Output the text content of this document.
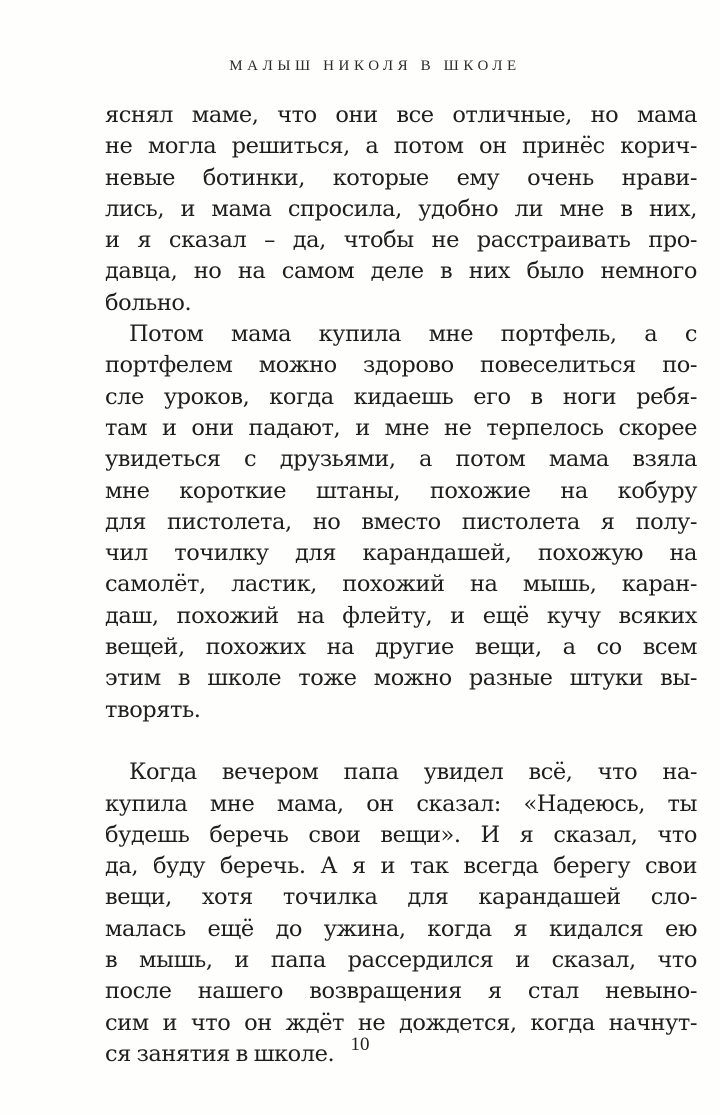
МАЛЫШ НИКОЛЯ В ШКОЛЕ
яснял маме, что они все отличные, но мама
не могла решиться, а потом он принёс корич-
невые ботинки, которые ему очень нрави-
лись, и мама спросила, удобно ли мне в них,
и я сказал – да, чтобы не расстраивать про-
давца, но на самом деле в них было немного
больно.
Потом мама купила мне портфель, а с
портфелем можно здорово повеселиться по-
сле уроков, когда кидаешь его в ноги ребя-
там и они падают, и мне не терпелось скорее
увидеться с друзьями, а потом мама взяла
мне короткие штаны, похожие на кобуру
для пистолета, но вместо пистолета я полу-
чил точилку для карандашей, похожую на
самолёт, ластик, похожий на мышь, каран-
даш, похожий на флейту, и ещё кучу всяких
вещей, похожих на другие вещи, а со всем
этим в школе тоже можно разные штуки вы-
творять.
Когда вечером папа увидел всё, что на-
купила мне мама, он сказал: «Надеюсь, ты
будешь беречь свои вещи». И я сказал, что
да, буду беречь. А я и так всегда берегу свои
вещи, хотя точилка для карандашей сло-
малась ещё до ужина, когда я кидался ею
в мышь, и папа рассердился и сказал, что
после нашего возвращения я стал невыно-
сим и что он ждёт не дождется, когда начнут-
ся занятия в школе. 10
